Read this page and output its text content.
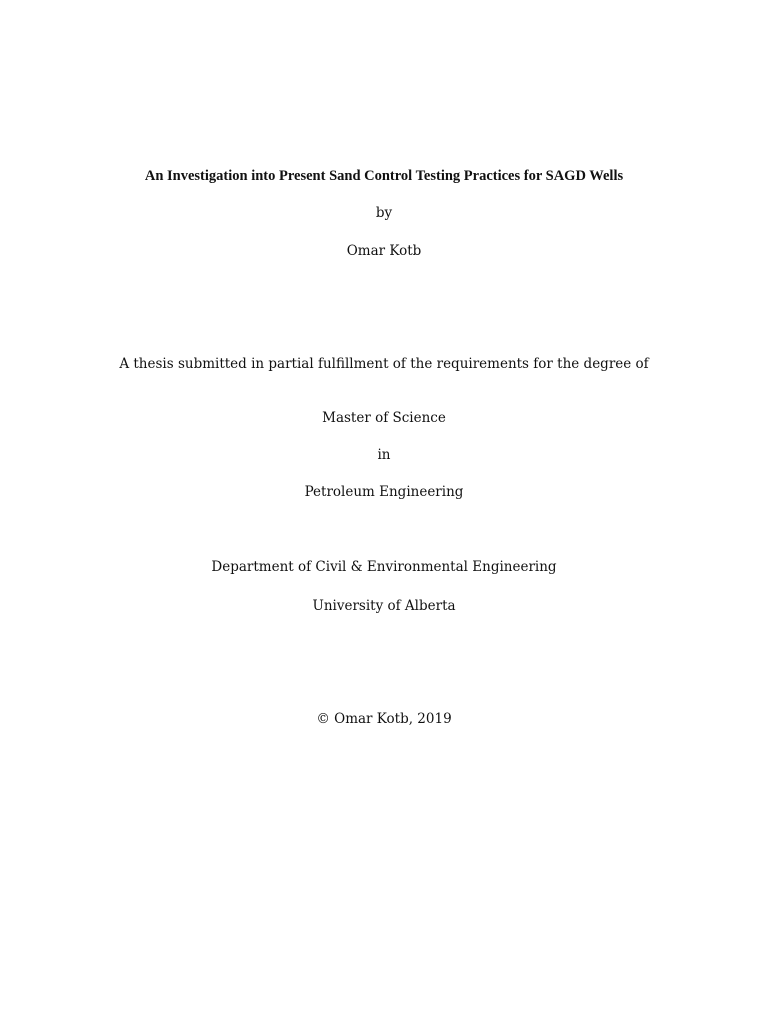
An Investigation into Present Sand Control Testing Practices for SAGD Wells
by
Omar Kotb
A thesis submitted in partial fulfillment of the requirements for the degree of
Master of Science
in
Petroleum Engineering
Department of Civil & Environmental Engineering
University of Alberta
© Omar Kotb, 2019
